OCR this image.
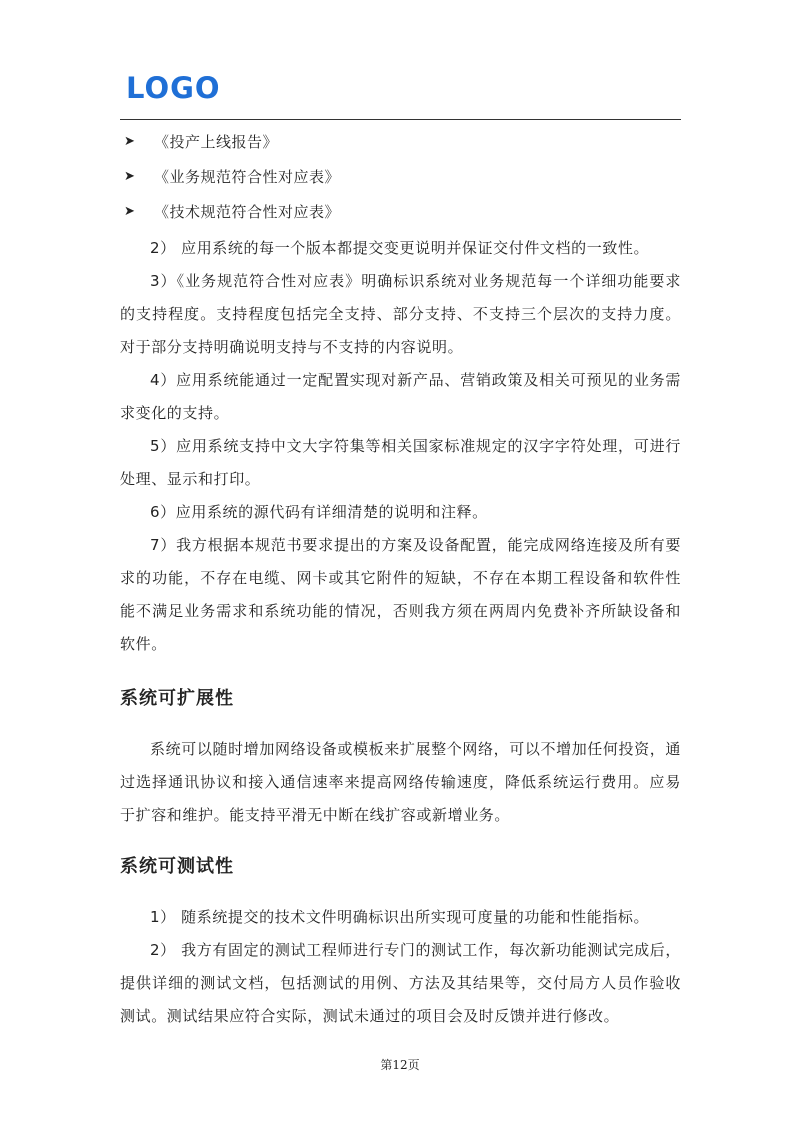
LOGO
➤	《投产上线报告》
➤	《业务规范符合性对应表》
➤	《技术规范符合性对应表》

2） 应用系统的每一个版本都提交变更说明并保证交付件文档的一致性。

3）《业务规范符合性对应表》明确标识系统对业务规范每一个详细功能要求的支持程度。支持程度包括完全支持、部分支持、不支持三个层次的支持力度。对于部分支持明确说明支持与不支持的内容说明。

4）应用系统能通过一定配置实现对新产品、营销政策及相关可预见的业务需求变化的支持。

5）应用系统支持中文大字符集等相关国家标准规定的汉字字符处理，可进行处理、显示和打印。

6）应用系统的源代码有详细清楚的说明和注释。

7）我方根据本规范书要求提出的方案及设备配置，能完成网络连接及所有要求的功能，不存在电缆、网卡或其它附件的短缺，不存在本期工程设备和软件性能不满足业务需求和系统功能的情况，否则我方须在两周内免费补齐所缺设备和软件。

系统可扩展性

系统可以随时增加网络设备或模板来扩展整个网络，可以不增加任何投资，通过选择通讯协议和接入通信速率来提高网络传输速度，降低系统运行费用。应易于扩容和维护。能支持平滑无中断在线扩容或新增业务。

系统可测试性

1） 随系统提交的技术文件明确标识出所实现可度量的功能和性能指标。

2） 我方有固定的测试工程师进行专门的测试工作，每次新功能测试完成后，提供详细的测试文档，包括测试的用例、方法及其结果等，交付局方人员作验收测试。测试结果应符合实际，测试未通过的项目会及时反馈并进行修改。

第12页
